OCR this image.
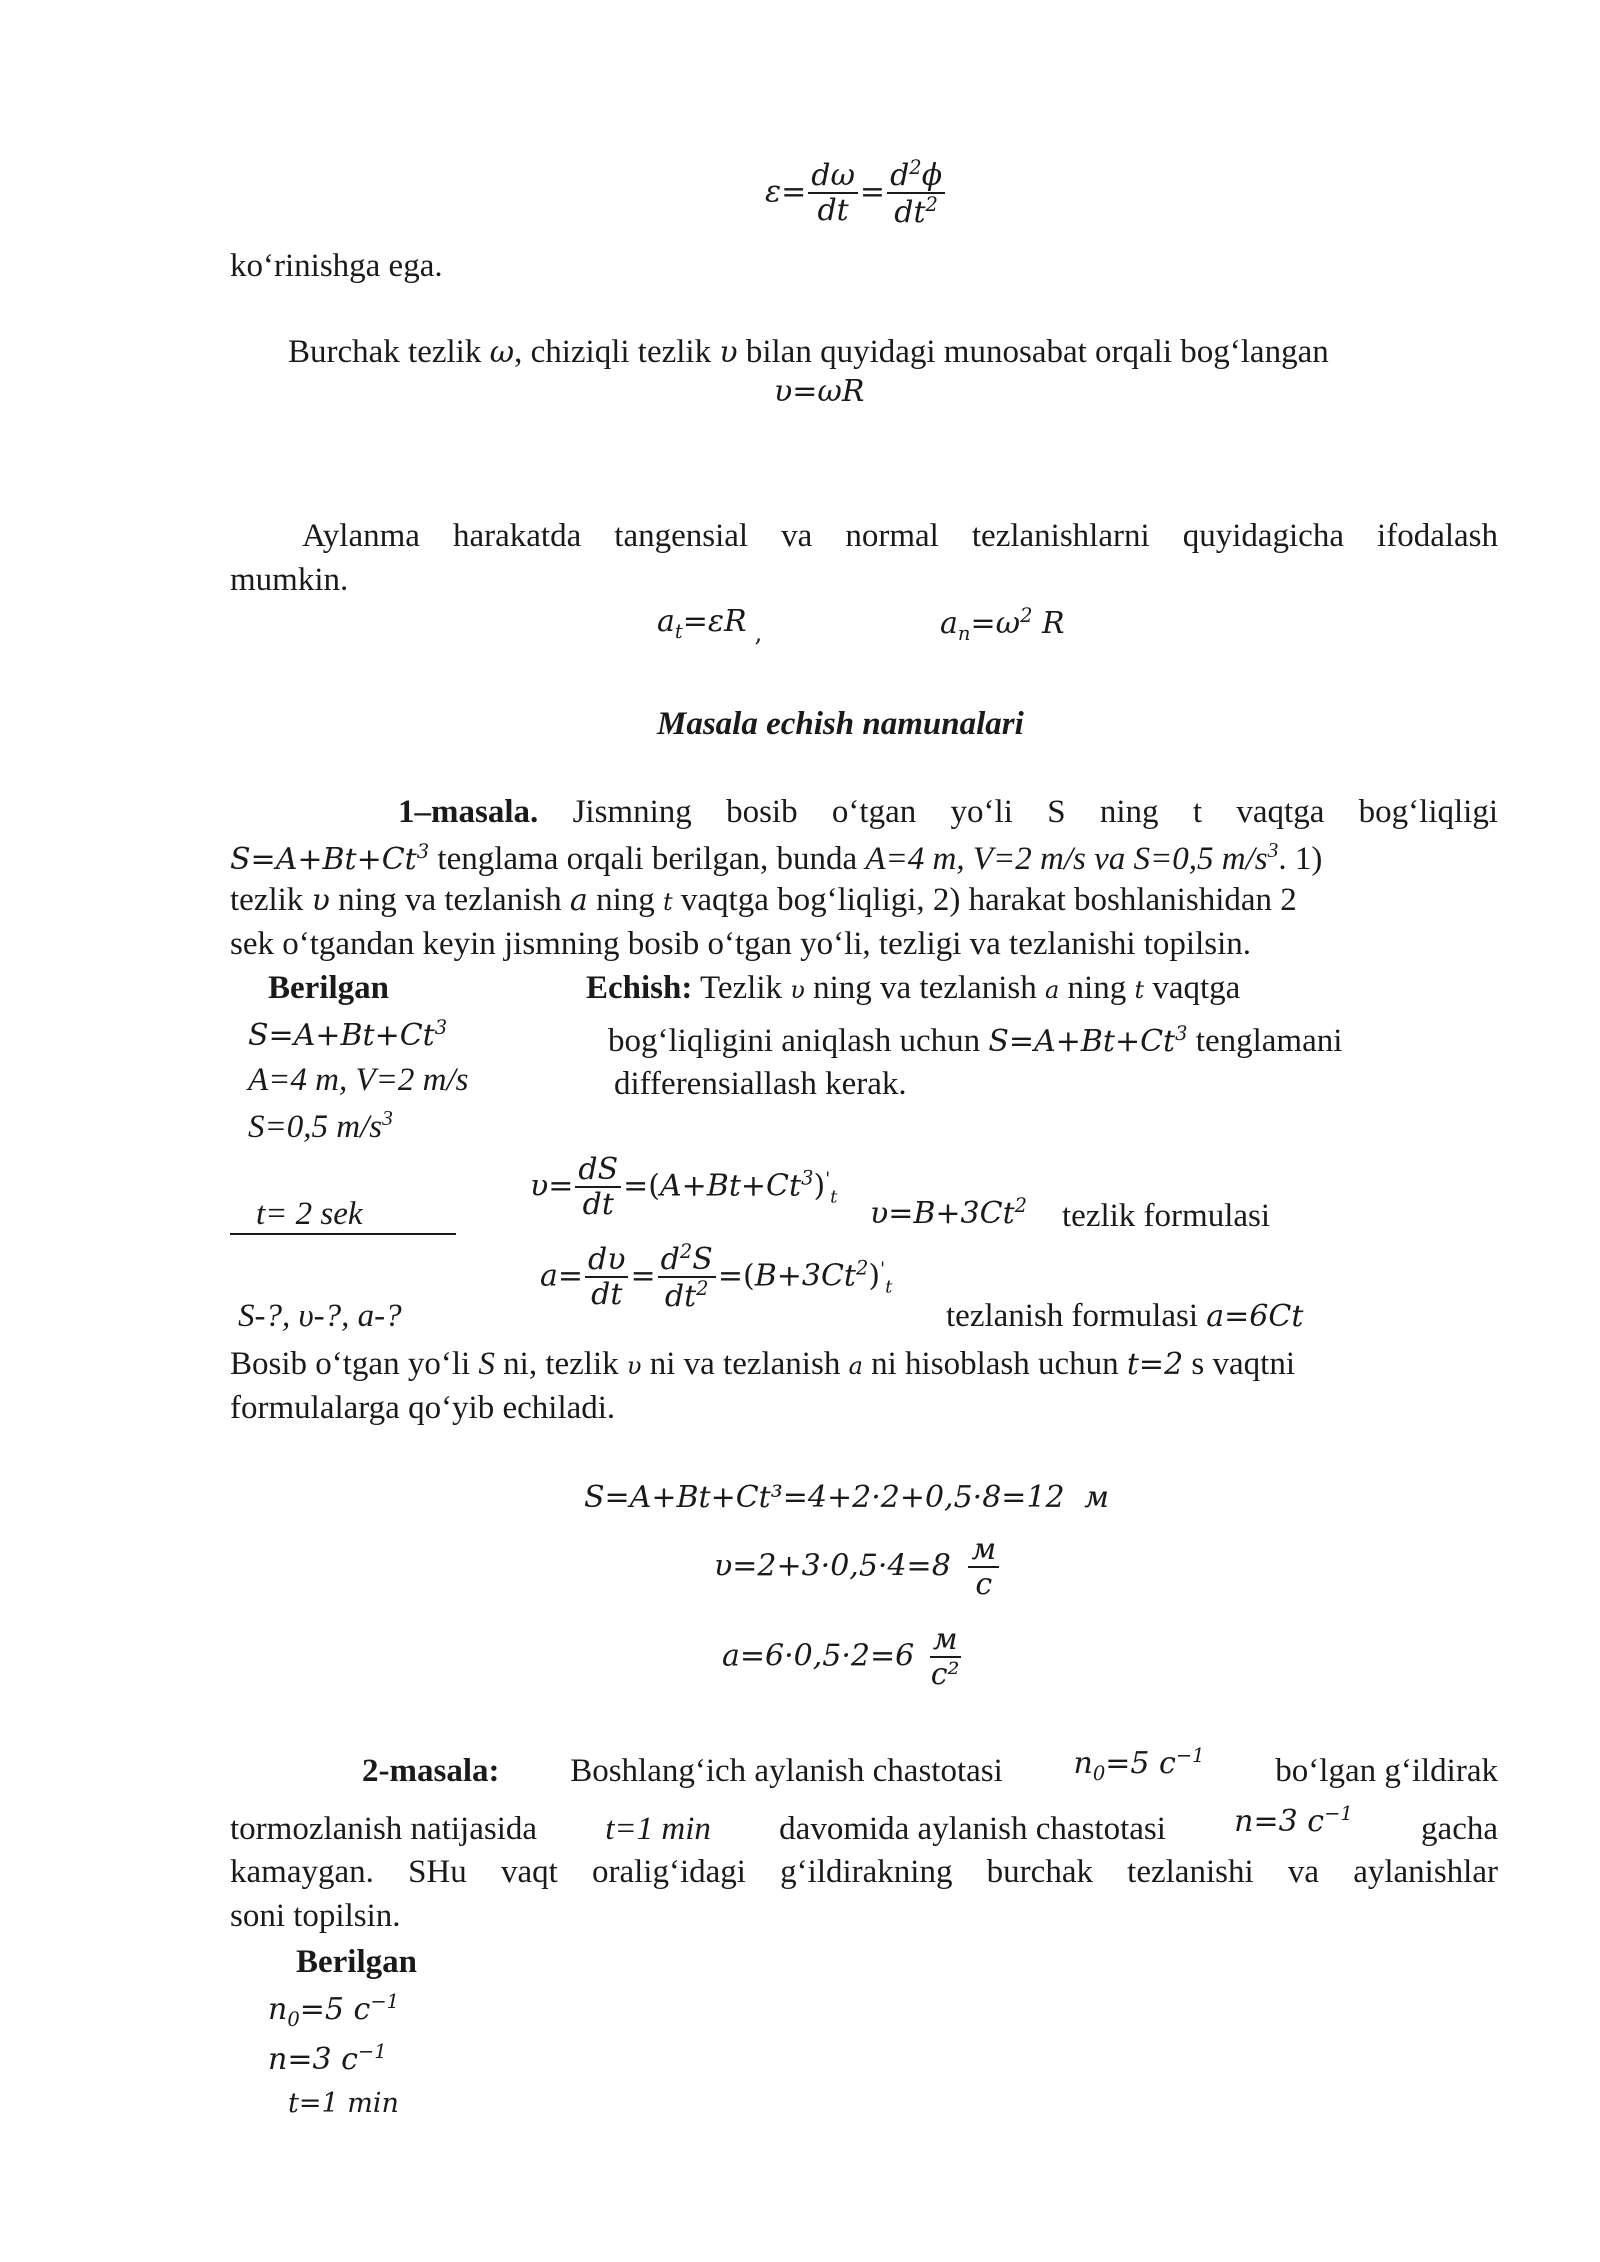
$\varepsilon= \frac{d\omega}{dt} = \frac{d^2\phi}{dt^2}$
ko‘rinishga ega.
Burchak tezlik ω, chiziqli tezlik υ bilan quyidagi munosabat orqali bog‘langan
υ=ωR
Aylanma harakatda tangensial va normal tezlanishlarni quyidagicha ifodalash
mumkin.
$a_t=\varepsilon R$ $_,$	$a_n=\omega^2$ R
Masala echish namunalari
1–masala. Jismning bosib o‘tgan yo‘li S ning t vaqtga bog‘liqligi
$S=A+Bt+Ct^3$ tenglama orqali berilgan, bunda A=4 m, V=2 m/s va S=0,5 $m/s^3$. 1)
tezlik υ ning va tezlanish a ning t vaqtga bog‘liqligi, 2) harakat boshlanishidan 2
sek o‘tgandan keyin jismning bosib o‘tgan yo‘li, tezligi va tezlanishi topilsin.
Berilgan
$S=A+Bt+Ct^3$
A=4 m, V=2 m/s
S=0,5 $m/s^3$
t= 2 sek
S-?, υ-?, a-?
Echish: Tezlik υ ning va tezlanish a ning t vaqtga
bog‘liqligini aniqlash uchun $S=A+Bt+Ct^3$ tenglamani
differensiallash kerak.
$\upsilon= \frac{dS}{dt} =(A+Bt+Ct^3)'_t$ $\upsilon=B+3Ct^2$ tezlik formulasi
$a= \frac{d\upsilon}{dt} = \frac{d^2S}{dt^2} =(B+3Ct^2)'_t$
tezlanish formulasi a=6Ct
Bosib o‘tgan yo‘li S ni, tezlik υ ni va tezlanish a ni hisoblash uchun t=2 s vaqtni
formulalarga qo‘yib echiladi.
S=A+Bt+Ct³=4+2·2+0,5·8=12 м
$\upsilon=2+3\cdot 0,5\cdot 4=8 \frac{м}{с}$
$a=6\cdot 0,5\cdot 2=6 \frac{м}{\text{с²}}$
2-masala: Boshlang‘ich aylanish chastotasi $n_0=5$ $c^{-1}$ bo‘lgan g‘ildirak
tormozlanish natijasida t=1 min davomida aylanish chastotasi n=3 $c^{-1}$ gacha
kamaygan. SHu vaqt oralig‘idagi g‘ildirakning burchak tezlanishi va aylanishlar
soni topilsin.
Berilgan
$n_0=5$ $c^{-1}$
n=3 $c^{-1}$
t=1 min
